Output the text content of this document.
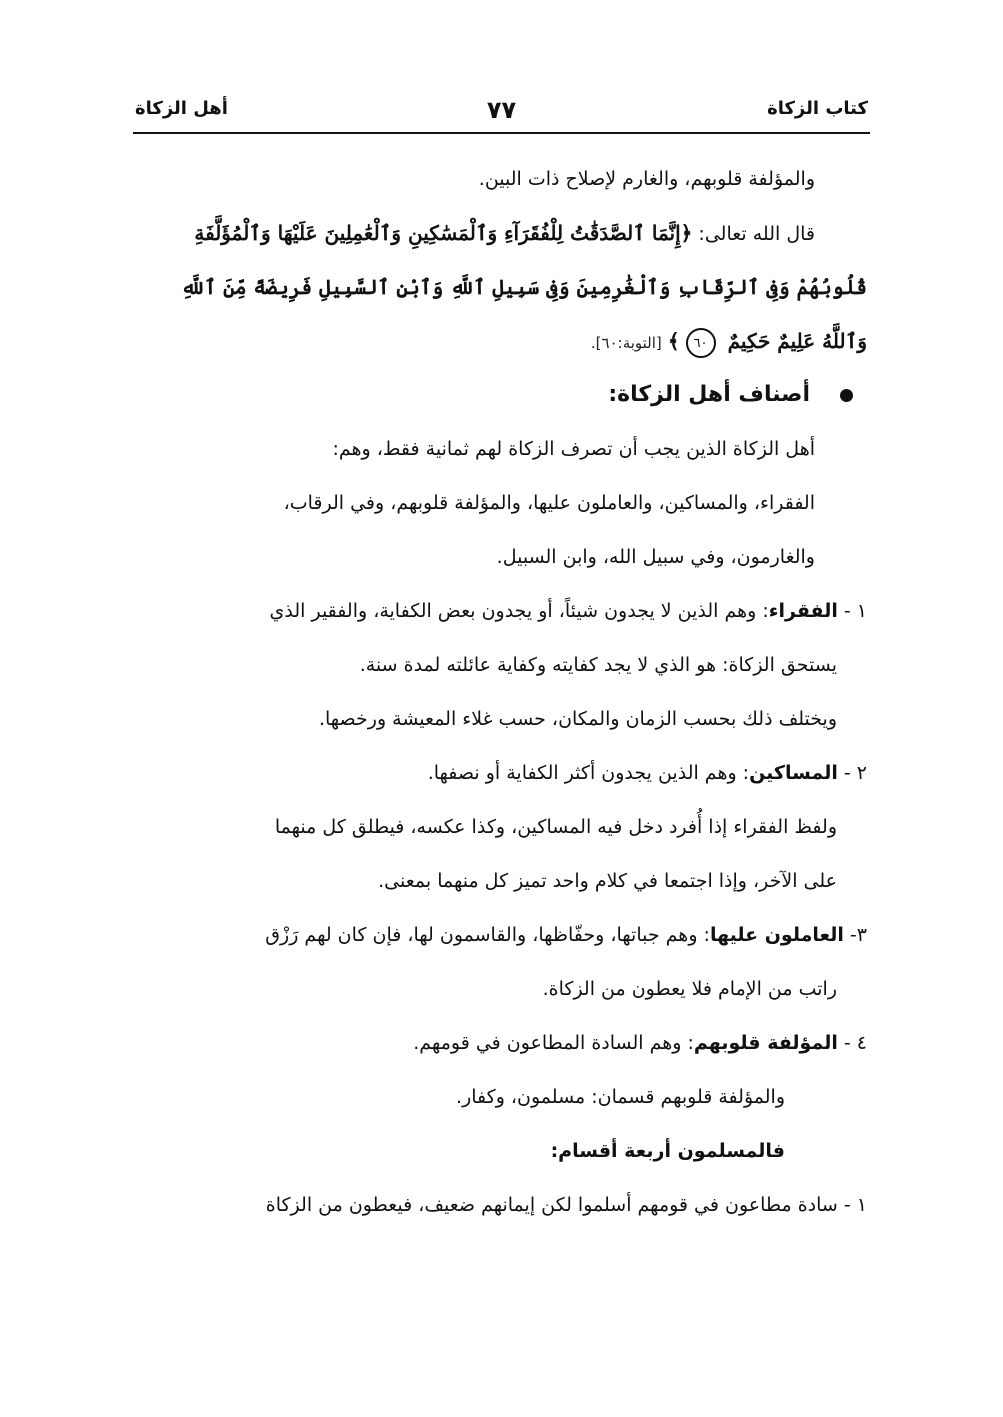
كتاب الزكاة
٧٧
أهل الزكاة
والمؤلفة قلوبهم، والغارم لإصلاح ذات البين.
قال الله تعالى: ﴿إِنَّمَا ٱلصَّدَقَٰتُ لِلْفُقَرَآءِ وَٱلْمَسَٰكِينِ وَٱلْعَٰمِلِينَ عَلَيْهَا وَٱلْمُؤَلَّفَةِ
قُلُوبُهُمْ وَفِى ٱلرِّقَابِ وَٱلْغَٰرِمِينَ وَفِى سَبِيلِ ٱللَّهِ وَٱبْنِ ٱلسَّبِيلِ فَرِيضَةً مِّنَ ٱللَّهِ
وَٱللَّهُ عَلِيمٌ حَكِيمٌ ٦٠﴾ [التوبة:٦٠].
أصناف أهل الزكاة:
أهل الزكاة الذين يجب أن تصرف الزكاة لهم ثمانية فقط، وهم:
الفقراء، والمساكين، والعاملون عليها، والمؤلفة قلوبهم، وفي الرقاب،
والغارمون، وفي سبيل الله، وابن السبيل.
١ - الفقراء: وهم الذين لا يجدون شيئاً، أو يجدون بعض الكفاية، والفقير الذي
يستحق الزكاة: هو الذي لا يجد كفايته وكفاية عائلته لمدة سنة.
ويختلف ذلك بحسب الزمان والمكان، حسب غلاء المعيشة ورخصها.
٢ - المساكين: وهم الذين يجدون أكثر الكفاية أو نصفها.
ولفظ الفقراء إذا أُفرد دخل فيه المساكين، وكذا عكسه، فيطلق كل منهما
على الآخر، وإذا اجتمعا في كلام واحد تميز كل منهما بمعنى.
٣- العاملون عليها: وهم جباتها، وحفّاظها، والقاسمون لها، فإن كان لهم رَزْق
راتب من الإمام فلا يعطون من الزكاة.
٤ - المؤلفة قلوبهم: وهم السادة المطاعون في قومهم.
والمؤلفة قلوبهم قسمان: مسلمون، وكفار.
فالمسلمون أربعة أقسام:
١ - سادة مطاعون في قومهم أسلموا لكن إيمانهم ضعيف، فيعطون من الزكاة
